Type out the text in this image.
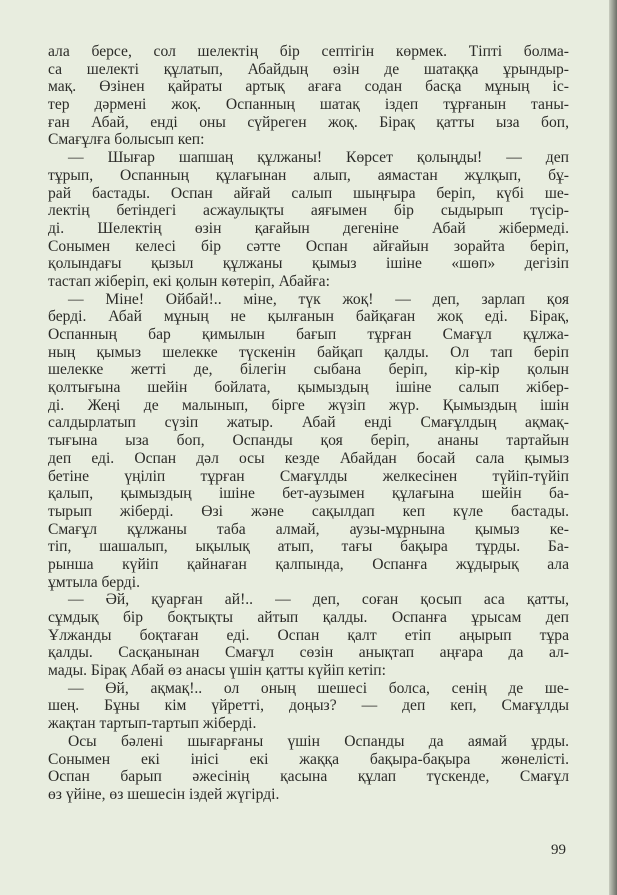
ала берсе, сол шелектің бір септігін көрмек. Тіпті болма-
са шелекті құлатып, Абайдың өзін де шатаққа ұрындыр-
мақ. Өзінен қайраты артық ағаға содан басқа мұның іс-
тер дәрмені жоқ. Оспанның шатақ іздеп тұрғанын таны-
ған Абай, енді оны сүйреген жоқ. Бірақ қатты ыза боп,
Смағұлға болысып кеп:
— Шығар шапшаң құлжаны! Көрсет қолыңды! — деп
тұрып, Оспанның құлағынан алып, аямастан жұлқып, бұ-
рай бастады. Оспан айғай салып шыңғыра беріп, күбі ше-
лектің бетіндегі асжаулықты аяғымен бір сыдырып түсір-
ді. Шелектің өзін қағайын дегеніне Абай жібермеді.
Сонымен келесі бір сәтте Оспан айғайын зорайта беріп,
қолындағы қызыл құлжаны қымыз ішіне «шөп» дегізіп
тастап жіберіп, екі қолын көтеріп, Абайға:
— Міне! Ойбай!.. міне, түк жоқ! — деп, зарлап қоя
берді. Абай мұның не қылғанын байқаған жоқ еді. Бірақ,
Оспанның бар қимылын бағып тұрған Смағұл құлжа-
ның қымыз шелекке түскенін байқап қалды. Ол тап беріп
шелекке жетті де, білегін сыбана беріп, кір-кір қолын
қолтығына шейін бойлата, қымыздың ішіне салып жібер-
ді. Жеңі де малынып, бірге жүзіп жүр. Қымыздың ішін
салдырлатып сүзіп жатыр. Абай енді Смағұлдың ақмақ-
тығына ыза боп, Оспанды қоя беріп, ананы тартайын
деп еді. Оспан дәл осы кезде Абайдан босай сала қымыз
бетіне үңіліп тұрған Смағұлды желкесінен түйіп-түйіп
қалып, қымыздың ішіне бет-аузымен құлағына шейін ба-
тырып жіберді. Өзі және сақылдап кеп күле бастады.
Смағұл құлжаны таба алмай, аузы-мұрнына қымыз ке-
тіп, шашалып, ықылық атып, тағы бақыра тұрды. Ба-
рынша күйіп қайнаған қалпында, Оспанға жұдырық ала
ұмтыла берді.
— Әй, қуарған ай!.. — деп, соған қосып аса қатты,
сұмдық бір боқтықты айтып қалды. Оспанға ұрысам деп
Ұлжанды боқтаған еді. Оспан қалт етіп аңырып тұра
қалды. Сасқанынан Смағұл сөзін анықтап аңғара да ал-
мады. Бірақ Абай өз анасы үшін қатты күйіп кетіп:
— Өй, ақмақ!.. ол оның шешесі болса, сенің де ше-
шең. Бұны кім үйретті, доңыз? — деп кеп, Смағұлды
жақтан тартып-тартып жіберді.
Осы бәлені шығарғаны үшін Оспанды да аямай ұрды.
Сонымен екі інісі екі жаққа бақыра-бақыра жөнелісті.
Оспан барып әжесінің қасына құлап түскенде, Смағұл
өз үйіне, өз шешесін іздей жүгірді.
99
